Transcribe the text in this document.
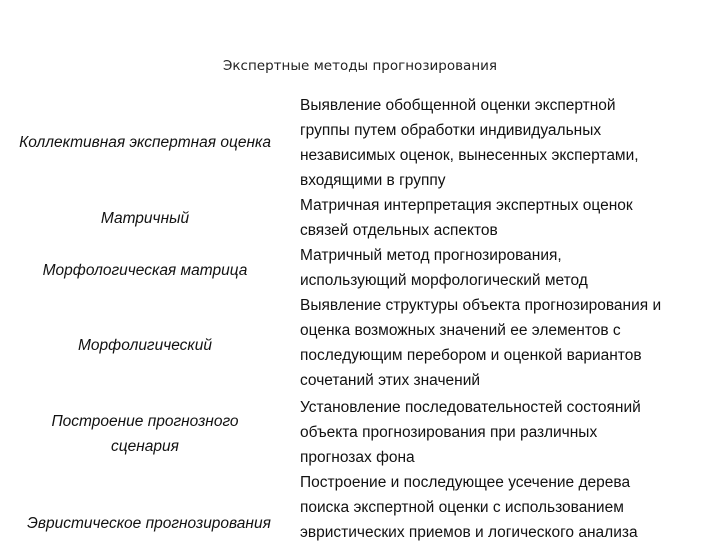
Экспертные методы прогнозирования
Коллективная экспертная оценка
Матричный
Морфологическая матрица
Морфолигический
Построение прогнозного
сценария
Эвристическое прогнозирования
Выявление обобщенной оценки экспертной
группы путем обработки индивидуальных
независимых оценок, вынесенных экспертами,
входящими в группу
Матричная интерпретация экспертных оценок
связей отдельных аспектов
Матричный метод прогнозирования,
использующий морфологический метод
Выявление структуры объекта прогнозирования и
оценка возможных значений ее элементов с
последующим перебором и оценкой вариантов
сочетаний этих значений
Установление последовательностей состояний
объекта прогнозирования при различных
прогнозах фона
Построение и последующее усечение дерева
поиска экспертной оценки с использованием
эвристических приемов и логического анализа
